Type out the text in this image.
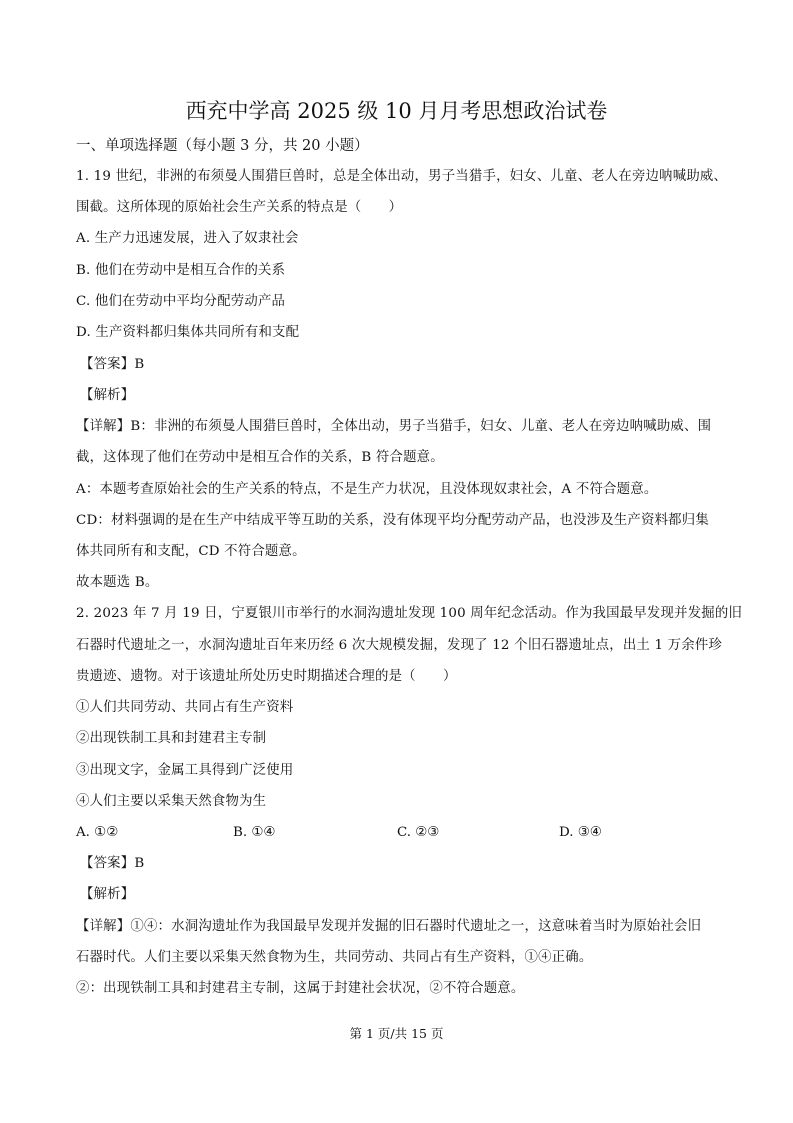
西充中学高 2025 级 10 月月考思想政治试卷
一、单项选择题（每小题 3 分，共 20 小题）
1. 19 世纪，非洲的布须曼人围猎巨兽时，总是全体出动，男子当猎手，妇女、儿童、老人在旁边呐喊助威、
围截。这所体现的原始社会生产关系的特点是（　　）
A. 生产力迅速发展，进入了奴隶社会
B. 他们在劳动中是相互合作的关系
C. 他们在劳动中平均分配劳动产品
D. 生产资料都归集体共同所有和支配
【答案】B
【解析】
【详解】B：非洲的布须曼人围猎巨兽时，全体出动，男子当猎手，妇女、儿童、老人在旁边呐喊助威、围
截，这体现了他们在劳动中是相互合作的关系，B 符合题意。
A：本题考查原始社会的生产关系的特点，不是生产力状况，且没体现奴隶社会，A 不符合题意。
CD：材料强调的是在生产中结成平等互助的关系，没有体现平均分配劳动产品，也没涉及生产资料都归集
体共同所有和支配，CD 不符合题意。
故本题选 B。
2. 2023 年 7 月 19 日，宁夏银川市举行的水洞沟遗址发现 100 周年纪念活动。作为我国最早发现并发掘的旧
石器时代遗址之一，水洞沟遗址百年来历经 6 次大规模发掘，发现了 12 个旧石器遗址点，出土 1 万余件珍
贵遗迹、遗物。对于该遗址所处历史时期描述合理的是（　　）
①人们共同劳动、共同占有生产资料
②出现铁制工具和封建君主专制
③出现文字，金属工具得到广泛使用
④人们主要以采集天然食物为生
A. ①②	B. ①④	C. ②③	D. ③④
【答案】B
【解析】
【详解】①④：水洞沟遗址作为我国最早发现并发掘的旧石器时代遗址之一，这意味着当时为原始社会旧
石器时代。人们主要以采集天然食物为生，共同劳动、共同占有生产资料，①④正确。
②：出现铁制工具和封建君主专制，这属于封建社会状况，②不符合题意。
第 1 页/共 15 页
